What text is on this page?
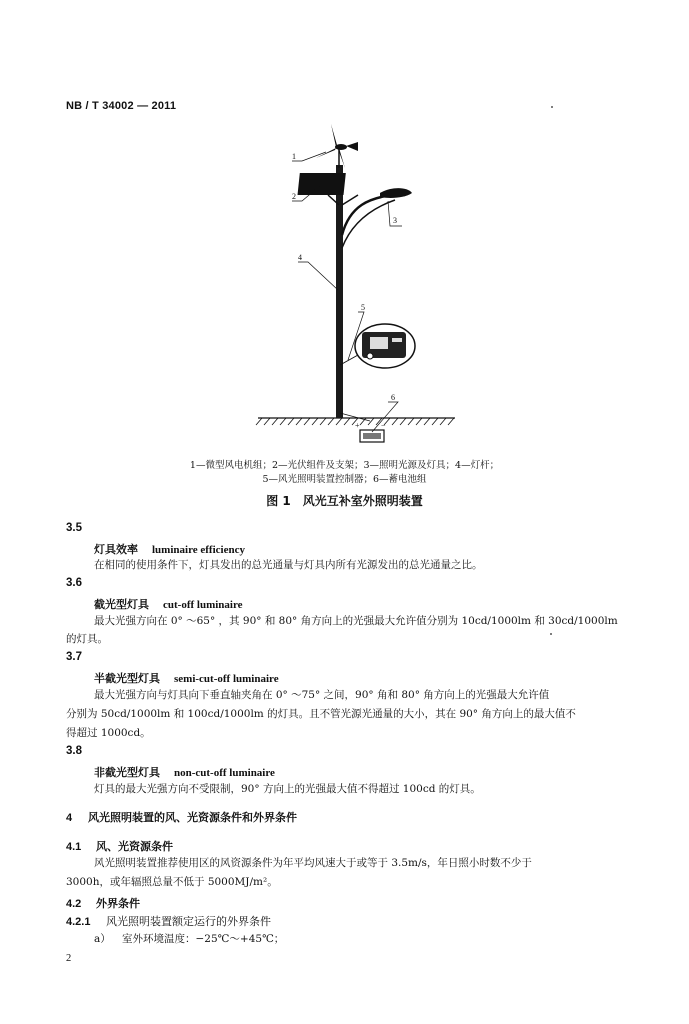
NB / T 34002 — 2011
+	−
1
2
3
4
5
6
1—微型风电机组；2—光伏组件及支架；3—照明光源及灯具；4—灯杆；
5—风光照明装置控制器；6—蓄电池组
图 1　风光互补室外照明装置
3.5
灯具效率 luminaire efficiency
在相同的使用条件下，灯具发出的总光通量与灯具内所有光源发出的总光通量之比。
3.6
截光型灯具 cut-off luminaire
最大光强方向在 0° ～65° ，其 90° 和 80° 角方向上的光强最大允许值分别为 10cd/1000lm 和 30cd/1000lm
的灯具。
3.7
半截光型灯具 semi-cut-off luminaire
最大光强方向与灯具向下垂直轴夹角在 0° ～75° 之间，90° 角和 80° 角方向上的光强最大允许值
分别为 50cd/1000lm 和 100cd/1000lm 的灯具。且不管光源光通量的大小，其在 90° 角方向上的最大值不
得超过 1000cd。
3.8
非截光型灯具 non-cut-off luminaire
灯具的最大光强方向不受限制，90° 方向上的光强最大值不得超过 100cd 的灯具。
4 风光照明装置的风、光资源条件和外界条件
4.1 风、光资源条件
风光照明装置推荐使用区的风资源条件为年平均风速大于或等于 3.5m/s，年日照小时数不少于
3000h，或年辐照总量不低于 5000MJ/m²。
4.2 外界条件
4.2.1 风光照明装置额定运行的外界条件
a） 室外环境温度：−25℃～+45℃；
2
